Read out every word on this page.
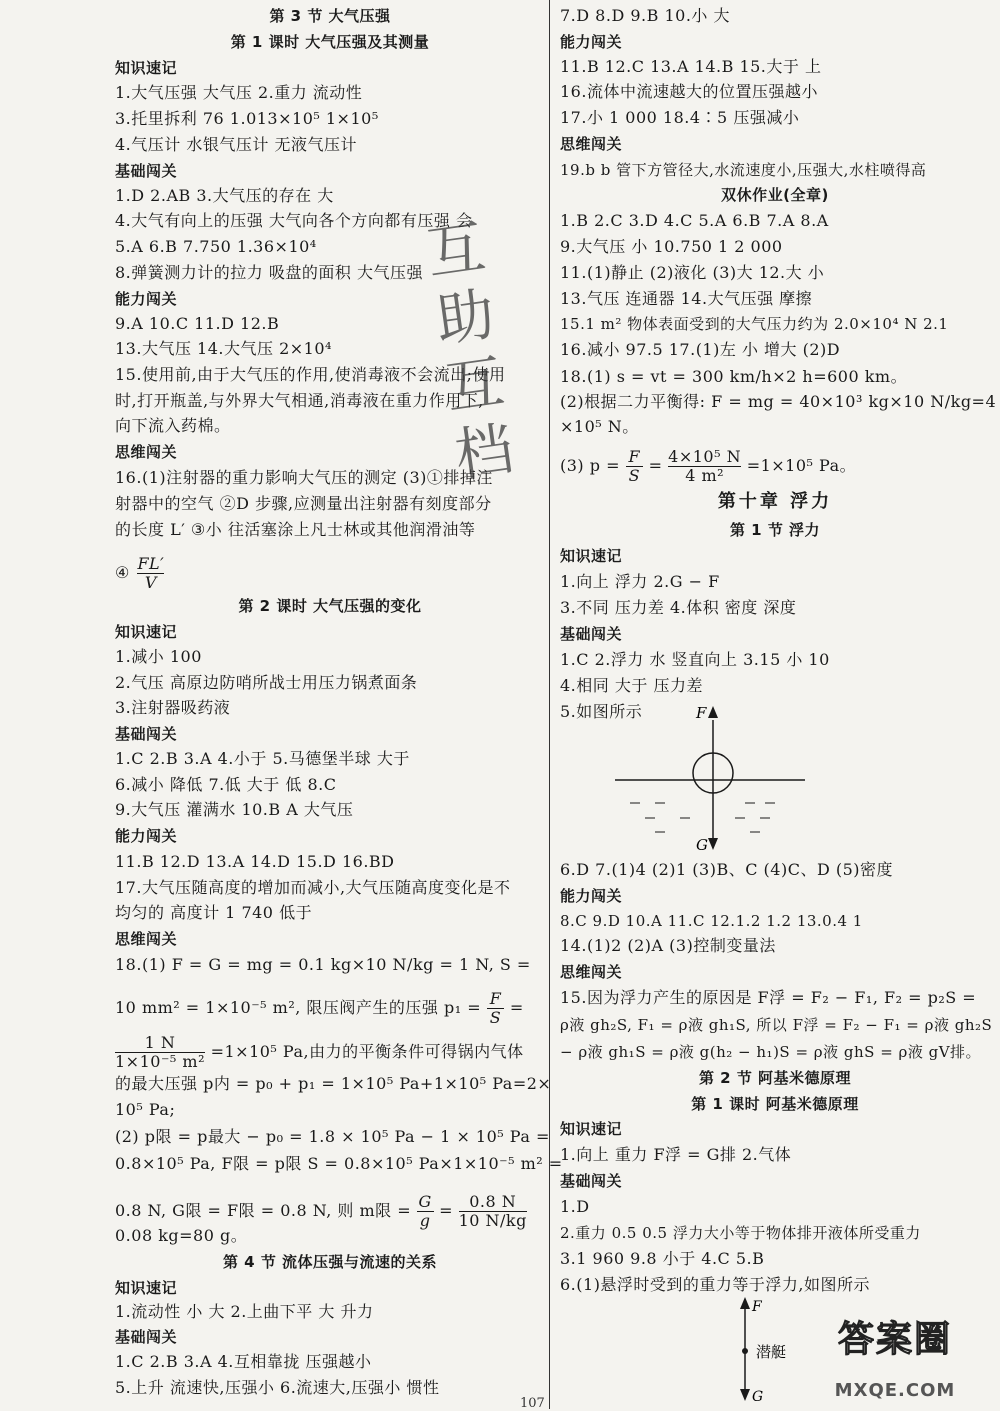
第 3 节 大气压强
第 1 课时 大气压强及其测量
知识速记
1.大气压强 大气压 2.重力 流动性
3.托里拆利 76 1.013×10⁵ 1×10⁵
4.气压计 水银气压计 无液气压计
基础闯关
1.D 2.AB 3.大气压的存在 大
4.大气有向上的压强 大气向各个方向都有压强 会
5.A 6.B 7.750 1.36×10⁴
8.弹簧测力计的拉力 吸盘的面积 大气压强
能力闯关
9.A 10.C 11.D 12.B
13.大气压 14.大气压 2×10⁴
15.使用前,由于大气压的作用,使消毒液不会流出;使用
时,打开瓶盖,与外界大气相通,消毒液在重力作用下,
向下流入药棉。
思维闯关
16.(1)注射器的重力影响大气压的测定 (3)①排掉注
射器中的空气 ②D 步骤,应测量出注射器有刻度部分
的长度 L′ ③小 往活塞涂上凡士林或其他润滑油等
④ $\frac{FL'}{V}$
第 2 课时 大气压强的变化
知识速记
1.减小 100
2.气压 高原边防哨所战士用压力锅煮面条
3.注射器吸药液
基础闯关
1.C 2.B 3.A 4.小于 5.马德堡半球 大于
6.减小 降低 7.低 大于 低 8.C
9.大气压 灌满水 10.B A 大气压
能力闯关
11.B 12.D 13.A 14.D 15.D 16.BD
17.大气压随高度的增加而减小,大气压随高度变化是不
均匀的 高度计 1 740 低于
思维闯关
18.(1) F = G = mg = 0.1 kg×10 N/kg = 1 N, S =
10 mm² = 1×10⁻⁵ m², 限压阀产生的压强 $p_1 = \frac{F}{S}$ =
$\frac{1 N}{\text{1×10⁻⁵ m²}} =1\times 10^5$ Pa,由力的平衡条件可得锅内气体
的最大压强 p内 = p₀ + p₁ = 1×10⁵ Pa+1×10⁵ Pa=2×
10⁵ Pa;
(2) p限 = p最大 − p₀ = 1.8 × 10⁵ Pa − 1 × 10⁵ Pa =
0.8×10⁵ Pa, F限 = p限 S = 0.8×10⁵ Pa×1×10⁻⁵ m² =
0.8 N, G限 = F限 = 0.8 N, 则 m限 = $\frac{G}{g} = \frac{0.8 N}{10 N/kg}$
0.08 kg=80 g。
第 4 节 流体压强与流速的关系
知识速记
1.流动性 小 大 2.上曲下平 大 升力
基础闯关
1.C 2.B 3.A 4.互相靠拢 压强越小
5.上升 流速快,压强小 6.流速大,压强小 惯性
互助互档
7.D 8.D 9.B 10.小 大
能力闯关
11.B 12.C 13.A 14.B 15.大于 上
16.流体中流速越大的位置压强越小
17.小 1 000 18.4∶5 压强减小
思维闯关
19.b b 管下方管径大,水流速度小,压强大,水柱喷得高
双休作业(全章)
1.B 2.C 3.D 4.C 5.A 6.B 7.A 8.A
9.大气压 小 10.750 1 2 000
11.(1)静止 (2)液化 (3)大 12.大 小
13.气压 连通器 14.大气压强 摩擦
15.1 m² 物体表面受到的大气压力约为 2.0×10⁴ N 2.1
16.减小 97.5 17.(1)左 小 增大 (2)D
18.(1) s = vt = 300 km/h×2 h=600 km。
(2)根据二力平衡得: F = mg = 40×10³ kg×10 N/kg=4
×10⁵ N。
(3) $p = \frac{F}{S} = \frac{\text{4×10⁵ N}}{\text{4 m²}} =1\times 10^5$ Pa。
第十章 浮力
第 1 节 浮力
知识速记
1.向上 浮力 2.G − F
3.不同 压力差 4.体积 密度 深度
基础闯关
1.C 2.浮力 水 竖直向上 3.15 小 10
4.相同 大于 压力差
5.如图所示	F
G
6.D 7.(1)4 (2)1 (3)B、C (4)C、D (5)密度
能力闯关
8.C 9.D 10.A 11.C 12.1.2 1.2 13.0.4 1
14.(1)2 (2)A (3)控制变量法
思维闯关
15.因为浮力产生的原因是 F浮 = F₂ − F₁, F₂ = p₂S =
ρ液 gh₂S, F₁ = ρ液 gh₁S, 所以 F浮 = F₂ − F₁ = ρ液 gh₂S
− ρ液 gh₁S = ρ液 g(h₂ − h₁)S = ρ液 ghS = ρ液 gV排。
第 2 节 阿基米德原理
第 1 课时 阿基米德原理
知识速记
1.向上 重力 F浮 = G排 2.气体
基础闯关
1.D
2.重力 0.5 0.5 浮力大小等于物体排开液体所受重力
3.1 960 9.8 小于 4.C 5.B
6.(1)悬浮时受到的重力等于浮力,如图所示
F
潜艇
G
107
答案圈
MXQE.COM
